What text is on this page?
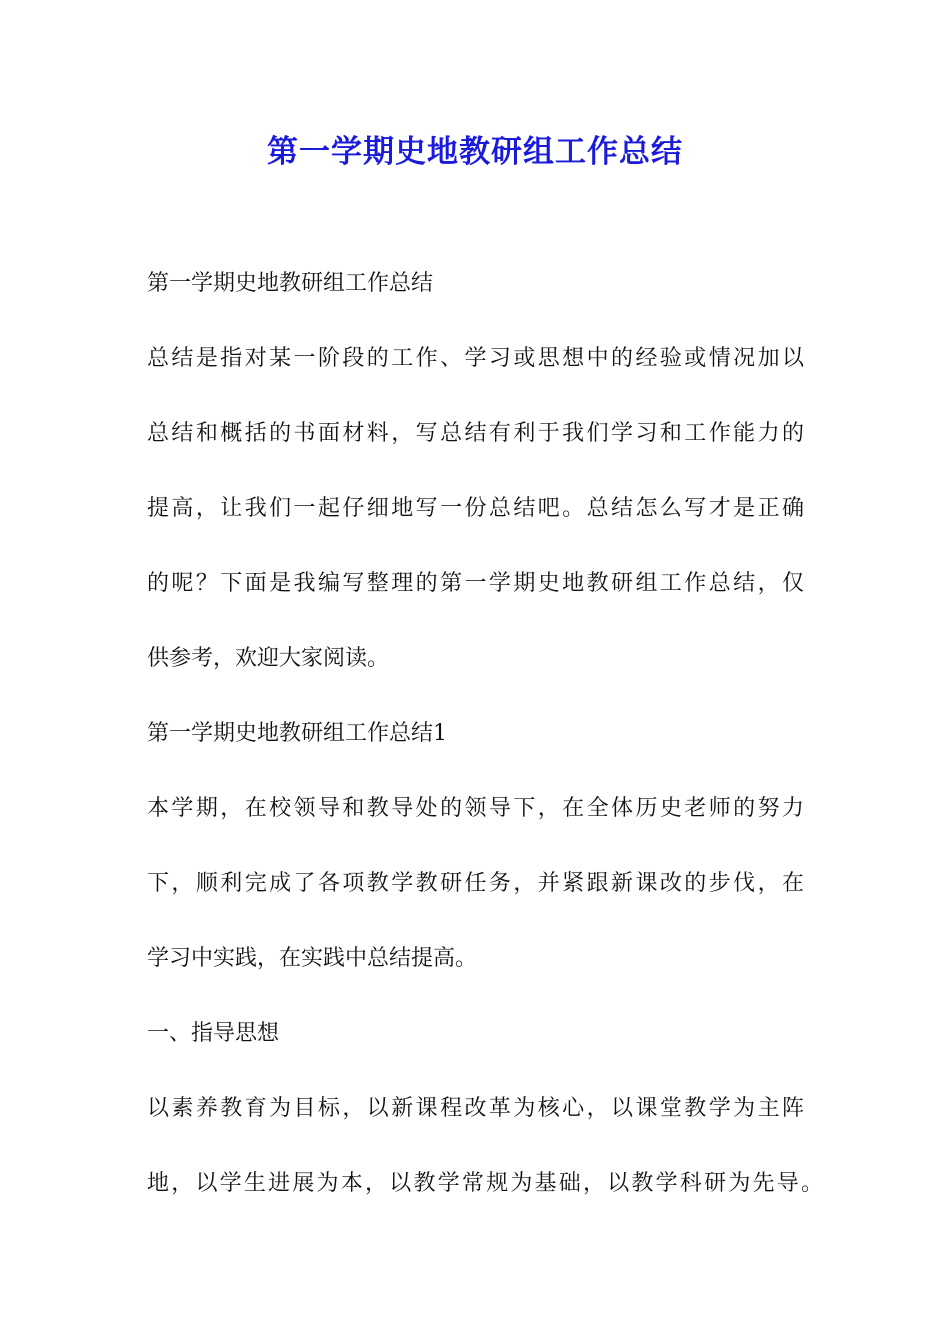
第一学期史地教研组工作总结
第一学期史地教研组工作总结
总结是指对某一阶段的工作、学习或思想中的经验或情况加以
总结和概括的书面材料，写总结有利于我们学习和工作能力的
提高，让我们一起仔细地写一份总结吧。总结怎么写才是正确
的呢？下面是我编写整理的第一学期史地教研组工作总结，仅
供参考，欢迎大家阅读。
第一学期史地教研组工作总结1
本学期，在校领导和教导处的领导下，在全体历史老师的努力
下，顺利完成了各项教学教研任务，并紧跟新课改的步伐，在
学习中实践，在实践中总结提高。
一、指导思想
以素养教育为目标，以新课程改革为核心，以课堂教学为主阵
地，以学生进展为本，以教学常规为基础，以教学科研为先导。
